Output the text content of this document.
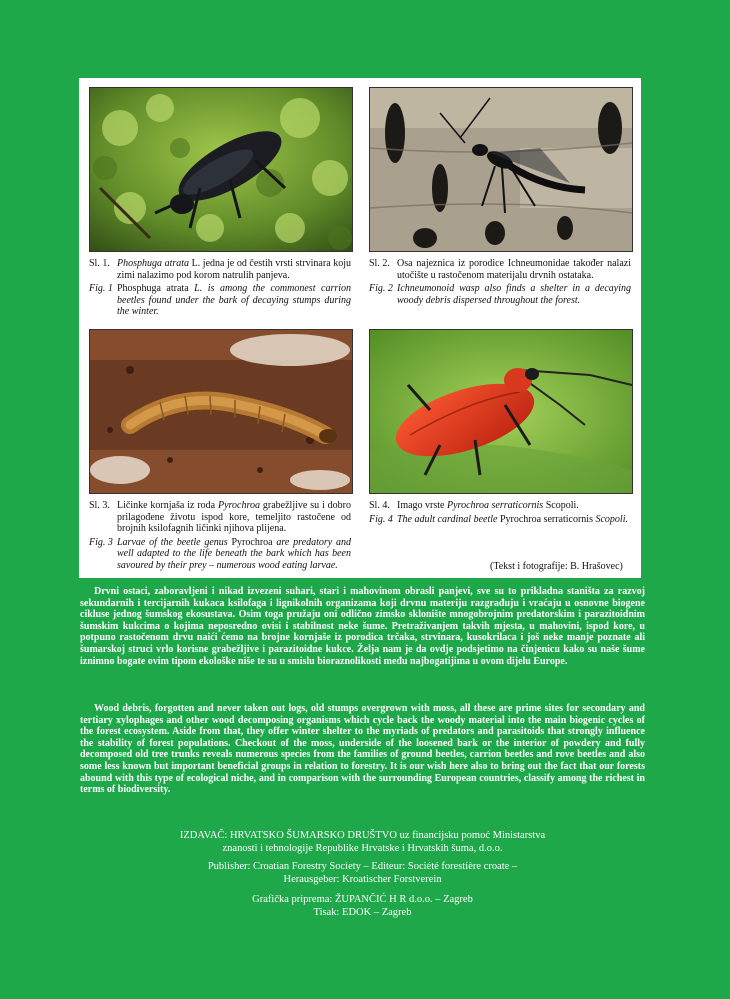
Sl. 1. Phosphuga atrata L. jedna je od čestih vrsti strvinara koju zimi nalazimo pod korom natrulih panjeva.
Fig. 1 Phosphuga atrata L. is among the commonest carrion beetles found under the bark of decaying stumps during the winter.
Sl. 2. Osa najeznica iz porodice Ichneumonidae također nalazi utočište u rastočenom materijalu drvnih ostataka.
Fig. 2 Ichneumonoid wasp also finds a shelter in a decaying woody debris dispersed throughout the forest.
Sl. 3. Ličinke kornjaša iz roda Pyrochroa grabežljive su i dobro prilagođene životu ispod kore, temeljito rastočene od brojnih ksilofagnih ličinki njihova plijena.
Fig. 3 Larvae of the beetle genus Pyrochroa are predatory and well adapted to the life beneath the bark which has been savoured by their prey – numerous wood eating larvae.
Sl. 4. Imago vrste Pyrochroa serraticornis Scopoli.
Fig. 4 The adult cardinal beetle Pyrochroa serraticornis Scopoli.
(Tekst i fotografije: B. Hrašovec)

Drvni ostaci, zaboravljeni i nikad izvezeni suhari, stari i mahovinom obrasli panjevi, sve su to prikladna staništa za razvoj sekundarnih i tercijarnih kukaca ksilofaga i lignikolnih organizama koji drvnu materiju razgrađuju i vraćaju u osnovne biogene cikluse jednog šumskog ekosustava. Osim toga pružaju oni odlično zimsko sklonište mnogobrojnim predatorskim i parazitoidnim šumskim kukcima o kojima neposredno ovisi i stabilnost neke šume. Pretraživanjem takvih mjesta, u mahovini, ispod kore, u potpuno rastočenom drvu naići ćemo na brojne kornjaše iz porodica trčaka, strvinara, kusokrilaca i još neke manje poznate ali šumarskoj struci vrlo korisne grabežljive i parazitoidne kukce. Želja nam je da ovdje podsjetimo na činjenicu kako su naše šume iznimno bogate ovim tipom ekološke niše te su u smislu bioraznolikosti među najbogatijima u ovom dijelu Europe.

Wood debris, forgotten and never taken out logs, old stumps overgrown with moss, all these are prime sites for secondary and tertiary xylophages and other wood decomposing organisms which cycle back the woody material into the main biogenic cycles of the forest ecosystem. Aside from that, they offer winter shelter to the myriads of predators and parasitoids that strongly influence the stability of forest populations. Checkout of the moss, underside of the loosened bark or the interior of powdery and fully decomposed old tree trunks reveals numerous species from the families of ground beetles, carrion beetles and rove beetles and also some less known but important beneficial groups in relation to forestry. It is our wish here also to bring out the fact that our forests abound with this type of ecological niche, and in comparison with the surrounding European countries, classify among the richest in terms of biodiversity.

IZDAVAČ: HRVATSKO ŠUMARSKO DRUŠTVO uz financijsku pomoć Ministarstva
znanosti i tehnologije Republike Hrvatske i Hrvatskih šuma, d.o.o.
Publisher: Croatian Forestry Society – Editeur: Société forestière croate –
Herausgeber: Kroatischer Forstverein
Grafička priprema: ŽUPANČIĆ H R d.o.o. – Zagreb
Tisak: EDOK – Zagreb
